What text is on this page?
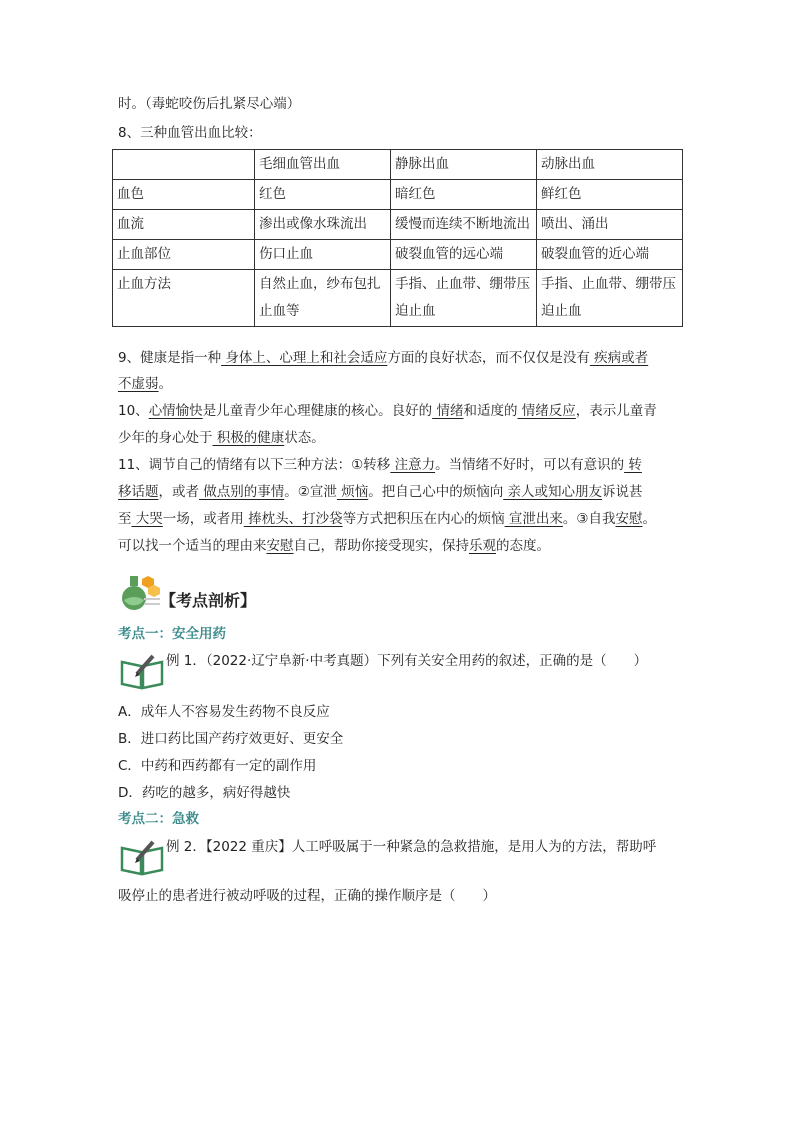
时。（毒蛇咬伤后扎紧尽心端）
8、三种血管出血比较：
	毛细血管出血	静脉出血	动脉出血
血色	红色	暗红色	鲜红色
血流	渗出或像水珠流出	缓慢而连续不断地流出	喷出、涌出
止血部位	伤口止血	破裂血管的远心端	破裂血管的近心端
止血方法	自然止血，纱布包扎止血等	手指、止血带、绷带压迫止血	手指、止血带、绷带压迫止血
9、健康是指一种 身体上、心理上和社会适应方面的良好状态，而不仅仅是没有 疾病或者
不虚弱。
10、心情愉快是儿童青少年心理健康的核心。良好的 情绪和适度的 情绪反应，表示儿童青
少年的身心处于 积极的健康状态。
11、调节自己的情绪有以下三种方法：①转移 注意力。当情绪不好时，可以有意识的 转
移话题，或者 做点别的事情。②宣泄 烦恼。把自己心中的烦恼向 亲人或知心朋友诉说甚
至 大哭一场，或者用 捧枕头、打沙袋等方式把积压在内心的烦恼 宣泄出来。③自我安慰。
可以找一个适当的理由来安慰自己，帮助你接受现实，保持乐观的态度。
【考点剖析】
考点一：安全用药
例 1．（2022·辽宁阜新·中考真题）下列有关安全用药的叙述，正确的是（　　）
A．成年人不容易发生药物不良反应
B．进口药比国产药疗效更好、更安全
C．中药和西药都有一定的副作用
D．药吃的越多，病好得越快
考点二：急救
例 2．【2022 重庆】人工呼吸属于一种紧急的急救措施，是用人为的方法，帮助呼
吸停止的患者进行被动呼吸的过程，正确的操作顺序是（　　）
